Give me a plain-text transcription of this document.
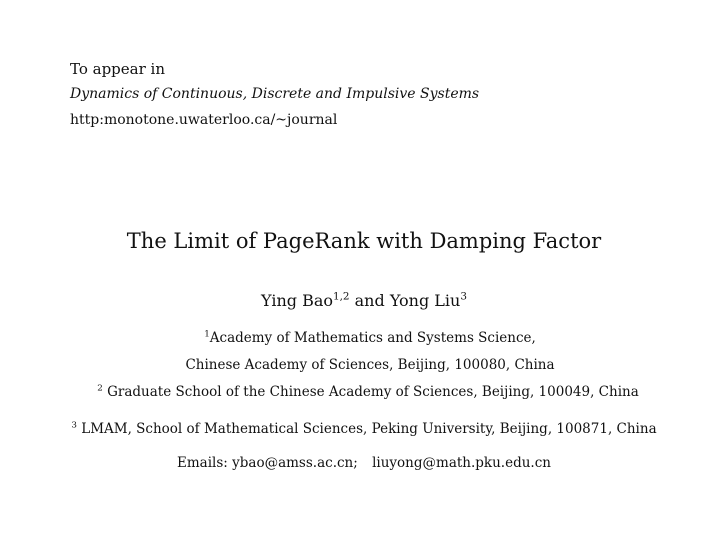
To appear in
Dynamics of Continuous, Discrete and Impulsive Systems
http:monotone.uwaterloo.ca/~journal
The Limit of PageRank with Damping Factor
Ying Bao$^{1,2}$ and Yong Liu$^3$
$^1$Academy of Mathematics and Systems Science,
Chinese Academy of Sciences, Beijing, 100080, China
$^2$ Graduate School of the Chinese Academy of Sciences, Beijing, 100049, China
$^3$ LMAM, School of Mathematical Sciences, Peking University, Beijing, 100871, China
Emails: ybao@amss.ac.cn; liuyong@math.pku.edu.cn
